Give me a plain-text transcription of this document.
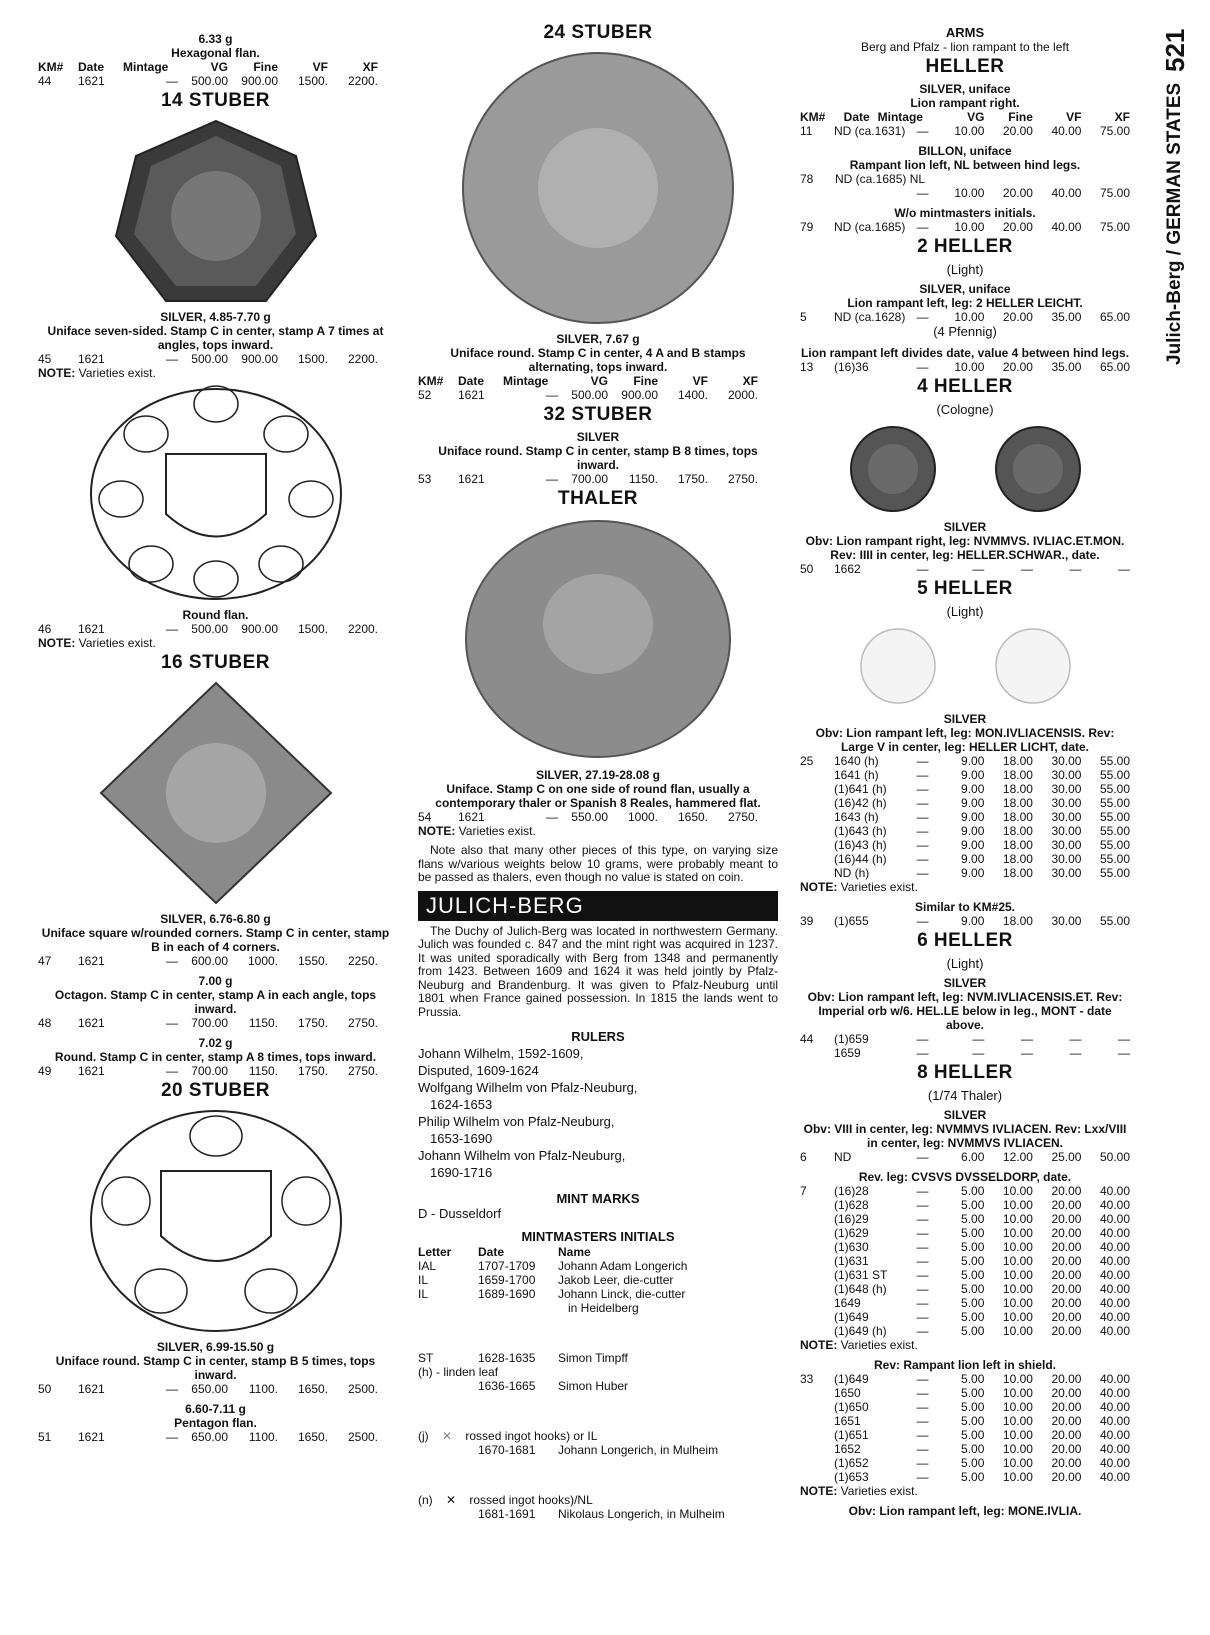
521
Julich-Berg / GERMAN STATES
6.33 g
Hexagonal flan.
KM#	Date	Mintage	VG	Fine	VF	XF
44	1621	—	500.00	900.00	1500.	2200.
14 STUBER
SILVER, 4.85-7.70 g
Uniface seven-sided. Stamp C in center, stamp A 7 times at angles, tops inward.
45	1621	—	500.00	900.00	1500.	2200.
NOTE: Varieties exist.
Round flan.
46	1621	—	500.00	900.00	1500.	2200.
NOTE: Varieties exist.
16 STUBER
SILVER, 6.76-6.80 g
Uniface square w/rounded corners. Stamp C in center, stamp B in each of 4 corners.
47	1621	—	600.00	1000.	1550.	2250.
7.00 g
Octagon. Stamp C in center, stamp A in each angle, tops inward.
48	1621	—	700.00	1150.	1750.	2750.
7.02 g
Round. Stamp C in center, stamp A 8 times, tops inward.
49	1621	—	700.00	1150.	1750.	2750.
20 STUBER
SILVER, 6.99-15.50 g
Uniface round. Stamp C in center, stamp B 5 times, tops inward.
50	1621	—	650.00	1100.	1650.	2500.
6.60-7.11 g
Pentagon flan.
51	1621	—	650.00	1100.	1650.	2500.
24 STUBER
SILVER, 7.67 g
Uniface round. Stamp C in center, 4 A and B stamps alternating, tops inward.
KM#	Date	Mintage	VG	Fine	VF	XF
52	1621	—	500.00	900.00	1400.	2000.
32 STUBER
SILVER
Uniface round. Stamp C in center, stamp B 8 times, tops inward.
53	1621	—	700.00	1150.	1750.	2750.
THALER
SILVER, 27.19-28.08 g
Uniface. Stamp C on one side of round flan, usually a contemporary thaler or Spanish 8 Reales, hammered flat.
54	1621	—	550.00	1000.	1650.	2750.
NOTE: Varieties exist.
Note also that many other pieces of this type, on varying size flans w/various weights below 10 grams, were probably meant to be passed as thalers, even though no value is stated on coin.
JULICH-BERG
The Duchy of Julich-Berg was located in northwestern Germany. Julich was founded c. 847 and the mint right was acquired in 1237. It was united sporadically with Berg from 1348 and permanently from 1423. Between 1609 and 1624 it was held jointly by Pfalz-Neuburg and Brandenburg. It was given to Pfalz-Neuburg until 1801 when France gained possession. In 1815 the lands went to Prussia.
RULERS
Johann Wilhelm, 1592-1609,
Disputed, 1609-1624
Wolfgang Wilhelm von Pfalz-Neuburg,
1624-1653
Philip Wilhelm von Pfalz-Neuburg,
1653-1690
Johann Wilhelm von Pfalz-Neuburg,
1690-1716
MINT MARKS
D - Dusseldorf
MINTMASTERS INITIALS
Letter	Date	Name
IAL	1707-1709	Johann Adam Longerich
IL	1659-1700	Jakob Leer, die-cutter
IL	1689-1690	Johann Linck, die-cutter
in Heidelberg
ST	1628-1635	Simon Timpff
(h) - linden leaf
1636-1665	Simon Huber
(j) ✕ rossed ingot hooks) or IL
1670-1681	Johann Longerich, in Mulheim
(n) ✕ rossed ingot hooks)/NL
1681-1691	Nikolaus Longerich, in Mulheim
ARMS
Berg and Pfalz - lion rampant to the left
HELLER
SILVER, uniface
Lion rampant right.
KM#	Date Mintage	VG	Fine	VF	XF
11	ND (ca.1631) —	10.00	20.00	40.00	75.00
BILLON, uniface
Rampant lion left, NL between hind legs.
78	ND (ca.1685) NL
—	10.00	20.00	40.00	75.00
W/o mintmasters initials.
79	ND (ca.1685) —	10.00	20.00	40.00	75.00
2 HELLER
(Light)
SILVER, uniface
Lion rampant left, leg: 2 HELLER LEICHT.
5	ND (ca.1628) —	10.00	20.00	35.00	65.00
(4 Pfennig)
Lion rampant left divides date, value 4 between hind legs.
13	(16)36	—	10.00	20.00	35.00	65.00
4 HELLER
(Cologne)
SILVER
Obv: Lion rampant right, leg: NVMMVS. IVLIAC.ET.MON. Rev: IIII in center, leg: HELLER.SCHWAR., date.
50	1662	—	—	—	—	—
5 HELLER
(Light)
SILVER
Obv: Lion rampant left, leg: MON.IVLIACENSIS. Rev: Large V in center, leg: HELLER LICHT, date.
25	1640 (h)	—	9.00	18.00	30.00	55.00
1641 (h)	—	9.00	18.00	30.00	55.00
(1)641 (h)	—	9.00	18.00	30.00	55.00
(16)42 (h)	—	9.00	18.00	30.00	55.00
1643 (h)	—	9.00	18.00	30.00	55.00
(1)643 (h)	—	9.00	18.00	30.00	55.00
(16)43 (h)	—	9.00	18.00	30.00	55.00
(16)44 (h)	—	9.00	18.00	30.00	55.00
ND (h)	—	9.00	18.00	30.00	55.00
NOTE: Varieties exist.
Similar to KM#25.
39	(1)655	—	9.00	18.00	30.00	55.00
6 HELLER
(Light)
SILVER
Obv: Lion rampant left, leg: NVM.IVLIACENSIS.ET. Rev: Imperial orb w/6. HEL.LE below in leg., MONT - date above.
44	(1)659	—	—	—	—	—
1659	—	—	—	—	—
8 HELLER
(1/74 Thaler)
SILVER
Obv: VIII in center, leg: NVMMVS IVLIACEN. Rev: Lxx/VIII in center, leg: NVMMVS IVLIACEN.
6	ND	—	6.00	12.00	25.00	50.00
Rev. leg: CVSVS DVSSELDORP, date.
7	(16)28	—	5.00	10.00	20.00	40.00
(1)628	—	5.00	10.00	20.00	40.00
(16)29	—	5.00	10.00	20.00	40.00
(1)629	—	5.00	10.00	20.00	40.00
(1)630	—	5.00	10.00	20.00	40.00
(1)631	—	5.00	10.00	20.00	40.00
(1)631 ST	—	5.00	10.00	20.00	40.00
(1)648 (h)	—	5.00	10.00	20.00	40.00
1649	—	5.00	10.00	20.00	40.00
(1)649	—	5.00	10.00	20.00	40.00
(1)649 (h)	—	5.00	10.00	20.00	40.00
NOTE: Varieties exist.
Rev: Rampant lion left in shield.
33	(1)649	—	5.00	10.00	20.00	40.00
1650	—	5.00	10.00	20.00	40.00
(1)650	—	5.00	10.00	20.00	40.00
1651	—	5.00	10.00	20.00	40.00
(1)651	—	5.00	10.00	20.00	40.00
1652	—	5.00	10.00	20.00	40.00
(1)652	—	5.00	10.00	20.00	40.00
(1)653	—	5.00	10.00	20.00	40.00
NOTE: Varieties exist.
Obv: Lion rampant left, leg: MONE.IVLIA.
